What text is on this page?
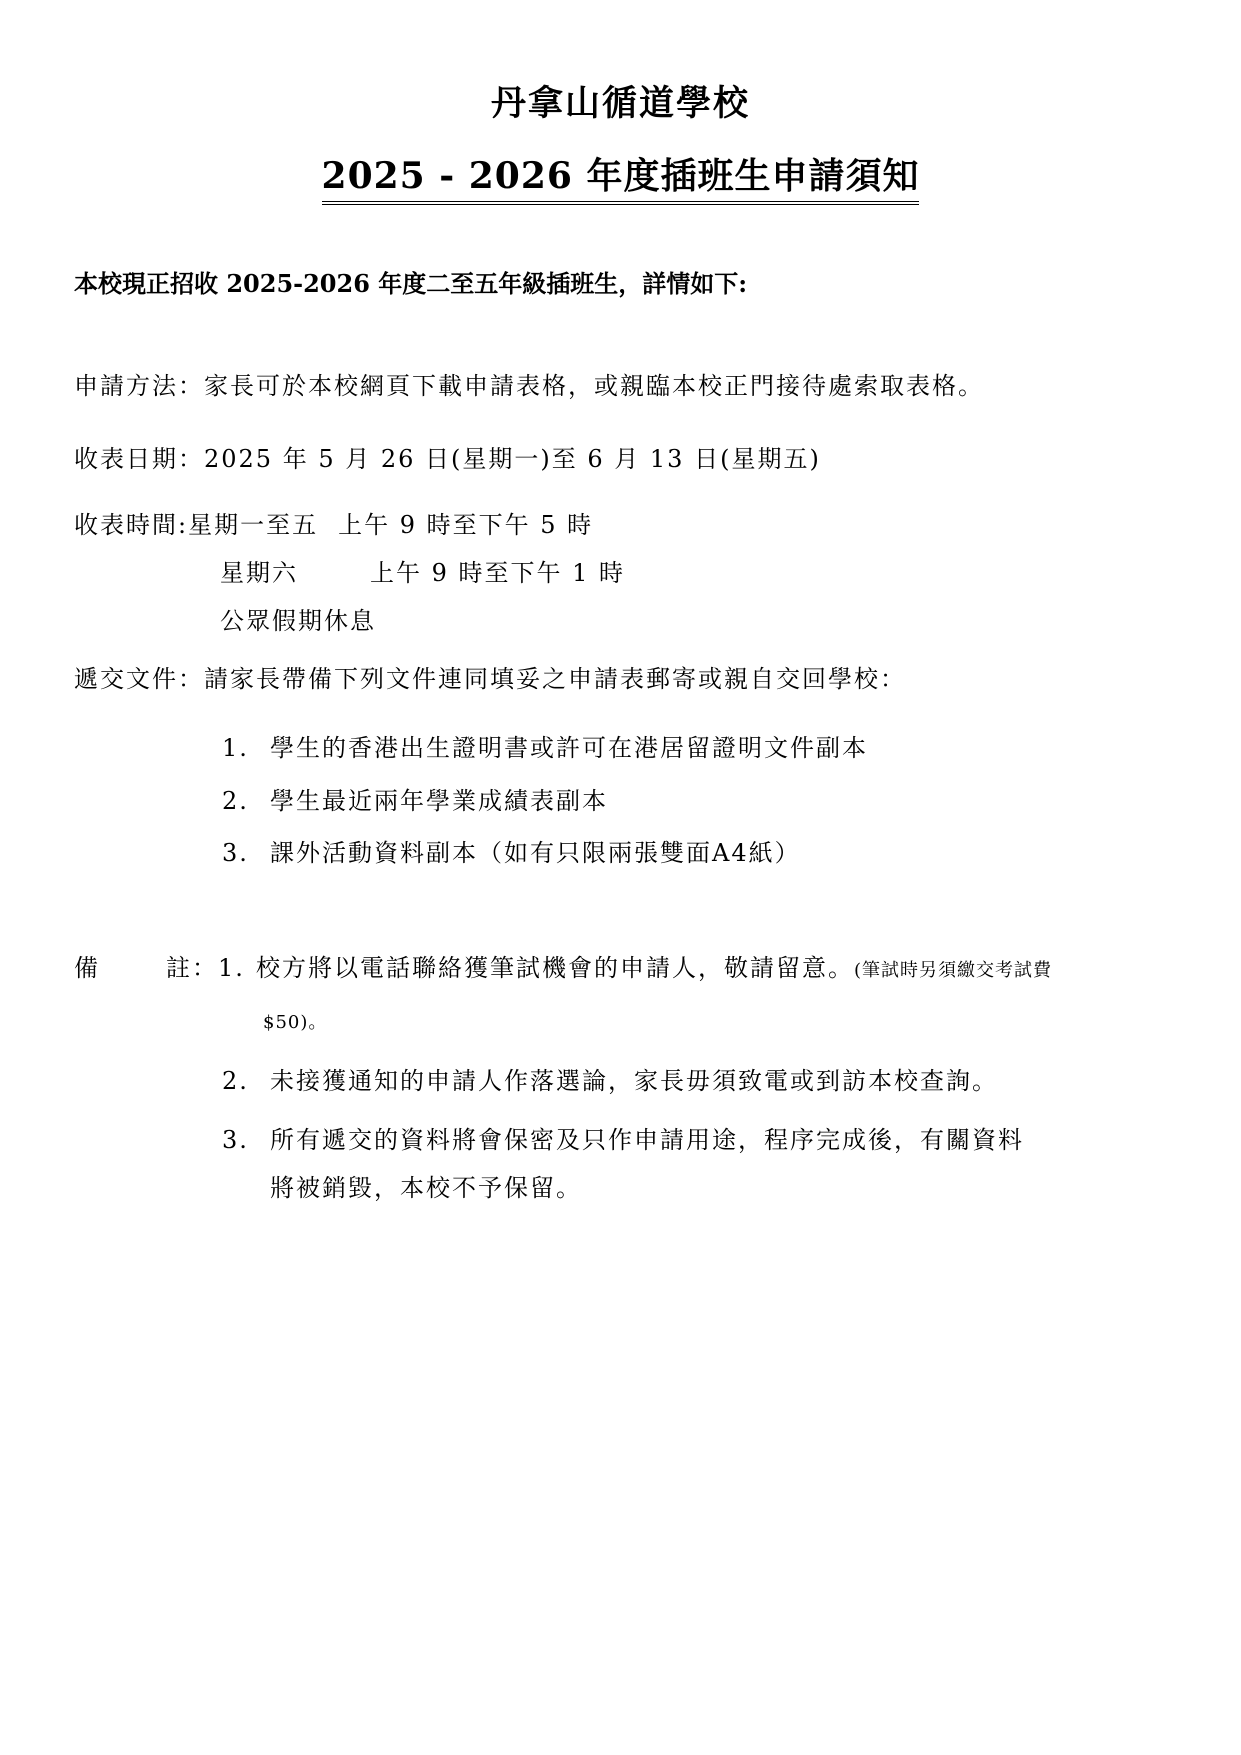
丹拿山循道學校
2025 - 2026 年度插班生申請須知
本校現正招收 2025-2026 年度二至五年級插班生，詳情如下:
申請方法：家長可於本校網頁下載申請表格，或親臨本校正門接待處索取表格。
收表日期：2025 年 5 月 26 日(星期一)至 6 月 13 日(星期五)
收表時間:星期一至五 上午 9 時至下午 5 時
星期六	上午 9 時至下午 1 時
公眾假期休息
遞交文件：請家長帶備下列文件連同填妥之申請表郵寄或親自交回學校：
1. 學生的香港出生證明書或許可在港居留證明文件副本
2. 學生最近兩年學業成績表副本
3. 課外活動資料副本（如有只限兩張雙面A4紙）
備	註：1. 校方將以電話聯絡獲筆試機會的申請人，敬請留意。(筆試時另須繳交考試費
$50)。
2. 未接獲通知的申請人作落選論，家長毋須致電或到訪本校查詢。
3. 所有遞交的資料將會保密及只作申請用途，程序完成後，有關資料
將被銷毀，本校不予保留。
